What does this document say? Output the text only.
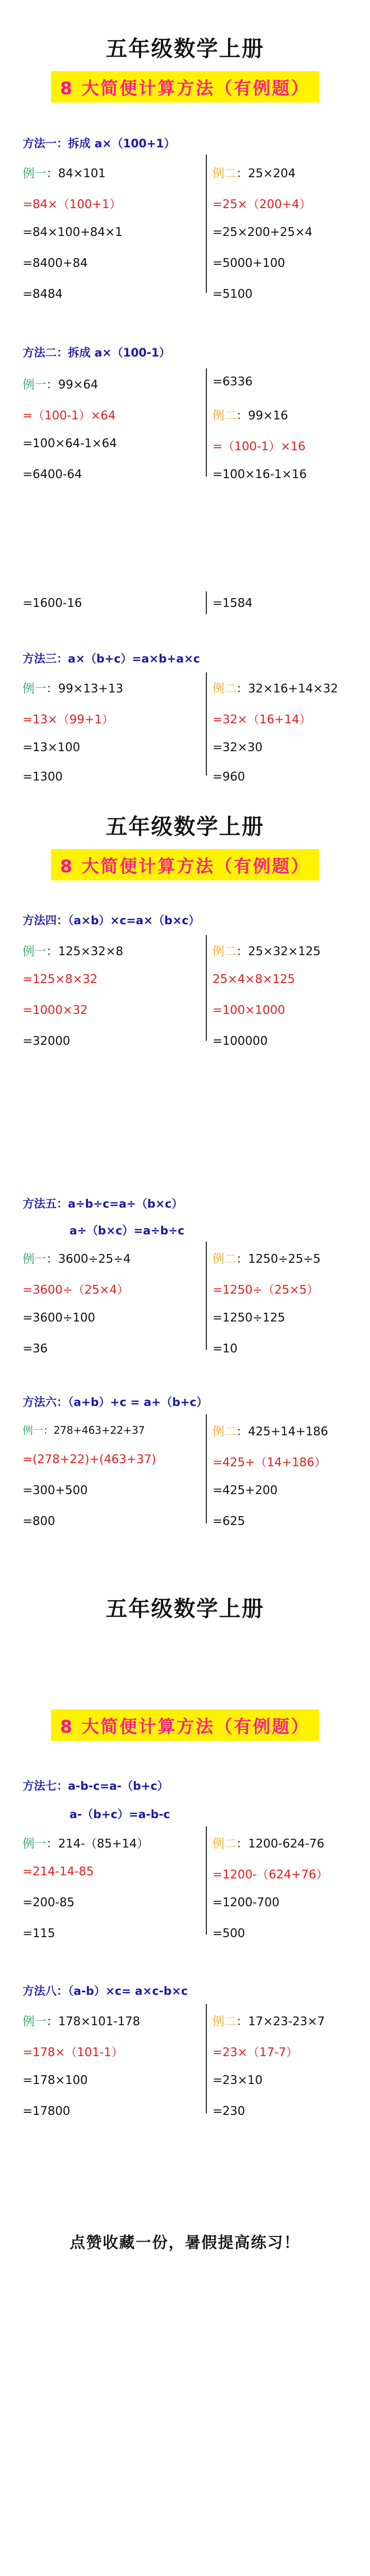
五年级数学上册
8 大简便计算方法（有例题）
方法一：拆成 a×（100+1）
例一：84×101
=84×（100+1）
=84×100+84×1
=8400+84
=8484
例二：25×204
=25×（200+4）
=25×200+25×4
=5000+100
=5100
方法二：拆成 a×（100-1）
例一：99×64
=（100-1）×64
=100×64-1×64
=6400-64
=6336
例二：99×16
=（100-1）×16
=100×16-1×16
=1600-16	=1584
方法三：a×（b+c）=a×b+a×c
例一：99×13+13
=13×（99+1）
=13×100
=1300
例二：32×16+14×32
=32×（16+14）
=32×30
=960
五年级数学上册
8 大简便计算方法（有例题）
方法四：（a×b）×c=a×（b×c）
例一：125×32×8
=125×8×32
=1000×32
=32000
例二：25×32×125
25×4×8×125
=100×1000
=100000
方法五：a÷b÷c=a÷（b×c）
a÷（b×c）=a÷b÷c
例一：3600÷25÷4
=3600÷（25×4）
=3600÷100
=36
例二：1250÷25÷5
=1250÷（25×5）
=1250÷125
=10
方法六：（a+b）+c = a+（b+c）
例一：278+463+22+37
=(278+22)+(463+37)
=300+500
=800
例二：425+14+186
=425+（14+186）
=425+200
=625
五年级数学上册
8 大简便计算方法（有例题）
方法七：a-b-c=a-（b+c）
a-（b+c）=a-b-c
例一：214-（85+14）
=214-14-85
=200-85
=115
例二：1200-624-76
=1200-（624+76）
=1200-700
=500
方法八：（a-b）×c= a×c-b×c
例一：178×101-178
=178×（101-1）
=178×100
=17800
例二：17×23-23×7
=23×（17-7）
=23×10
=230
点赞收藏一份，暑假提高练习！
